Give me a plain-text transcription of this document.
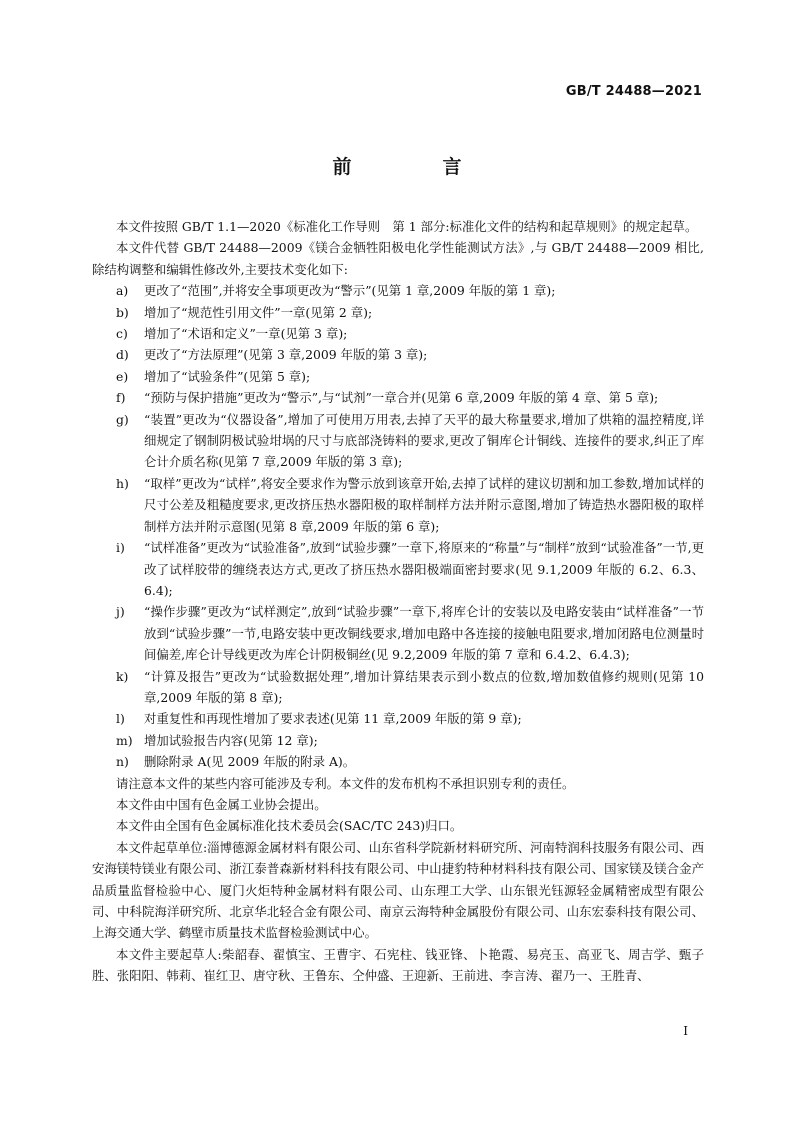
GB/T 24488—2021
前　言

本文件按照 GB/T 1.1—2020《标准化工作导则　第 1 部分:标准化文件的结构和起草规则》的规定起草。

本文件代替 GB/T 24488—2009《镁合金牺牲阳极电化学性能测试方法》,与 GB/T 24488—2009 相比,除结构调整和编辑性修改外,主要技术变化如下:

a)	更改了“范围”,并将安全事项更改为“警示”(见第 1 章,2009 年版的第 1 章);
b)	增加了“规范性引用文件”一章(见第 2 章);
c)	增加了“术语和定义”一章(见第 3 章);
d)	更改了“方法原理”(见第 3 章,2009 年版的第 3 章);
e)	增加了“试验条件”(见第 5 章);
f)	“预防与保护措施”更改为“警示”,与“试剂”一章合并(见第 6 章,2009 年版的第 4 章、第 5 章);
g)	“装置”更改为“仪器设备”,增加了可使用万用表,去掉了天平的最大称量要求,增加了烘箱的温控精度,详细规定了钢制阴极试验坩埚的尺寸与底部浇铸料的要求,更改了铜库仑计铜线、连接件的要求,纠正了库仑计介质名称(见第 7 章,2009 年版的第 3 章);
h)	“取样”更改为“试样”,将安全要求作为警示放到该章开始,去掉了试样的建议切割和加工参数,增加试样的尺寸公差及粗糙度要求,更改挤压热水器阳极的取样制样方法并附示意图,增加了铸造热水器阳极的取样制样方法并附示意图(见第 8 章,2009 年版的第 6 章);
i)	“试样准备”更改为“试验准备”,放到“试验步骤”一章下,将原来的“称量”与“制样”放到“试验准备”一节,更改了试样胶带的缠绕表达方式,更改了挤压热水器阳极端面密封要求(见 9.1,2009 年版的 6.2、6.3、6.4);
j)	“操作步骤”更改为“试样测定”,放到“试验步骤”一章下,将库仑计的安装以及电路安装由“试样准备”一节放到“试验步骤”一节,电路安装中更改铜线要求,增加电路中各连接的接触电阻要求,增加闭路电位测量时间偏差,库仑计导线更改为库仑计阴极铜丝(见 9.2,2009 年版的第 7 章和 6.4.2、6.4.3);
k)	“计算及报告”更改为“试验数据处理”,增加计算结果表示到小数点的位数,增加数值修约规则(见第 10 章,2009 年版的第 8 章);
l)	对重复性和再现性增加了要求表述(见第 11 章,2009 年版的第 9 章);
m) 增加试验报告内容(见第 12 章);
n)	删除附录 A(见 2009 年版的附录 A)。

请注意本文件的某些内容可能涉及专利。本文件的发布机构不承担识别专利的责任。

本文件由中国有色金属工业协会提出。

本文件由全国有色金属标准化技术委员会(SAC/TC 243)归口。

本文件起草单位:淄博德源金属材料有限公司、山东省科学院新材料研究所、河南特润科技服务有限公司、西安海镁特镁业有限公司、浙江泰普森新材料科技有限公司、中山捷豹特种材料科技有限公司、国家镁及镁合金产品质量监督检验中心、厦门火炬特种金属材料有限公司、山东理工大学、山东银光钰源轻金属精密成型有限公司、中科院海洋研究所、北京华北轻合金有限公司、南京云海特种金属股份有限公司、山东宏泰科技有限公司、上海交通大学、鹤壁市质量技术监督检验测试中心。

本文件主要起草人:柴韶春、翟慎宝、王曹宇、石宪柱、钱亚锋、卜艳霞、易亮玉、高亚飞、周吉学、甄子胜、张阳阳、韩莉、崔红卫、唐守秋、王鲁东、仝仲盛、王迎新、王前进、李言涛、翟乃一、王胜青、

I
